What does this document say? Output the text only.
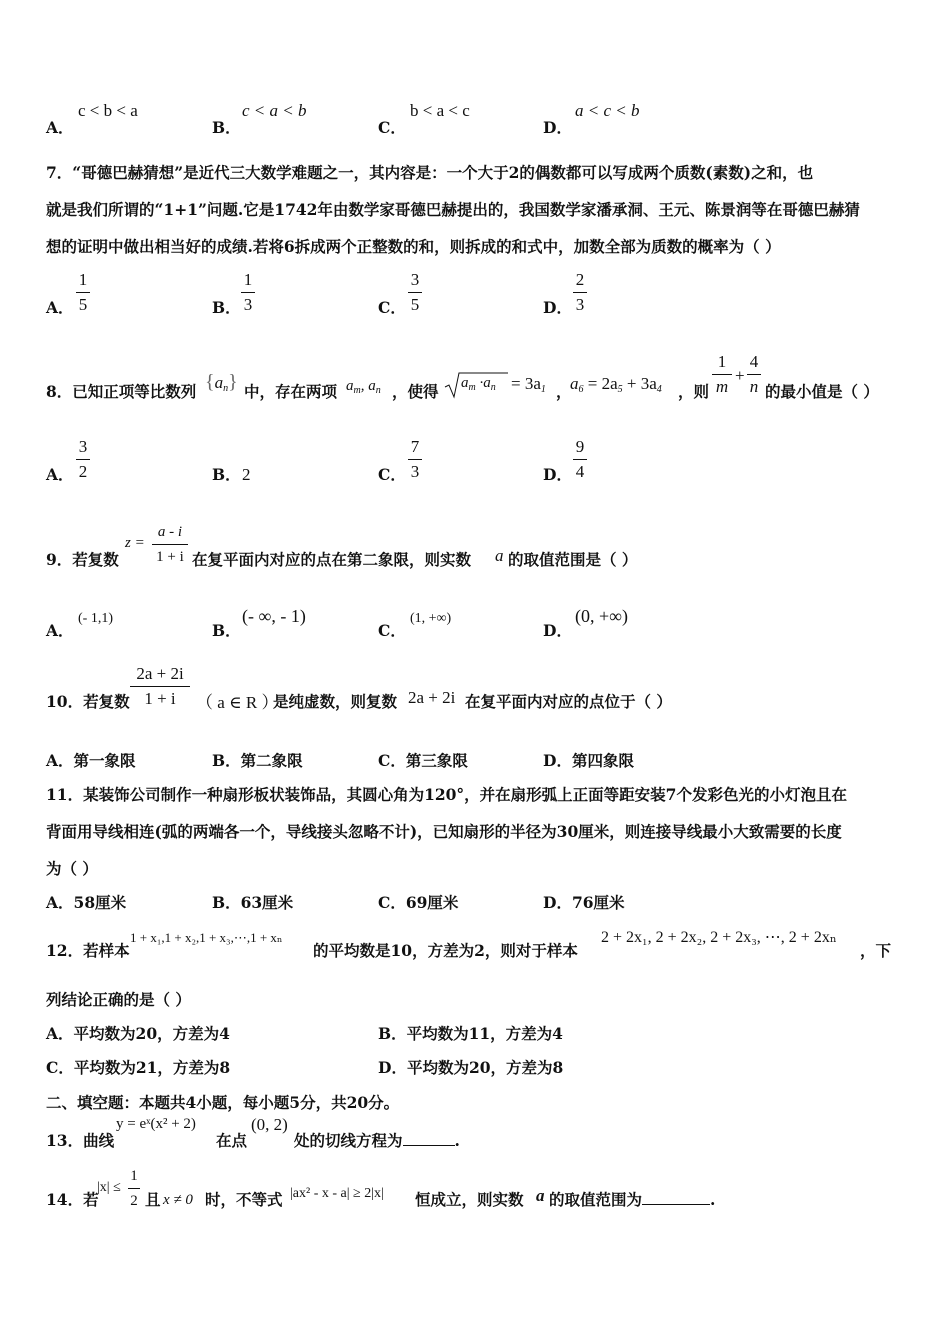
A．
c < b < a
B．
c < a < b
C．
b < a < c
D．
a < c < b
7．“哥德巴赫猜想”是近代三大数学难题之一，其内容是：一个大于2的偶数都可以写成两个质数(素数)之和，也
就是我们所谓的“1+1”问题.它是1742年由数学家哥德巴赫提出的，我国数学家潘承洞、王元、陈景润等在哥德巴赫猜
想的证明中做出相当好的成绩.若将6拆成两个正整数的和，则拆成的和式中，加数全部为质数的概率为（ ）
A．
1
5	B．
1
3	C．
3
5	D．
2
3
8．已知正项等比数列 $\{a_n\}$ 中，存在两项 $a_m$, $a_n$ ，使得 $a_m \cdot a_n = 3a_1$ ，
$a_6 = 2a_5 + 3a_4$ ，则
1
m
+
4
n 的最小值是（ ）
A．
3
2	B． 2	C．
7
3	D．
9
4
9．若复数
z =
a - i
1 + i 在复平面内对应的点在第二象限，则实数 a 的取值范围是（ ）
A．
(- 1,1)
B．
(- ∞, - 1)
C．
(1, +∞)
D．
(0, +∞)
10．若复数
2a + 2i
1 + i	（ a ∈ R ）
是纯虚数，则复数 2a + 2i 在复平面内对应的点位于（ ）
A．第一象限	B．第二象限	C．第三象限	D．第四象限
11．某装饰公司制作一种扇形板状装饰品，其圆心角为120°，并在扇形弧上正面等距安装7个发彩色光的小灯泡且在
背面用导线相连(弧的两端各一个，导线接头忽略不计)，已知扇形的半径为30厘米，则连接导线最小大致需要的长度
为（ ）
A．58厘米	B．63厘米	C．69厘米	D．76厘米
12．若样本
1 + x₁,1 + x₂,1 + x₃,⋯,1 + xₙ
的平均数是10，方差为2，则对于样本
2 + 2x₁, 2 + 2x₂, 2 + 2x₃, ⋯, 2 + 2xₙ
，下
列结论正确的是（ ）
A．平均数为20，方差为4	B．平均数为11，方差为4
C．平均数为21，方差为8	D．平均数为20，方差为8
二、填空题：本题共4小题，每小题5分，共20分。
13．曲线
y = eˣ(x² + 2)
在点
(0, 2)
处的切线方程为	.
14．若
|x| ≤
1
2 且 x ≠ 0 时，不等式 |ax² - x - a| ≥ 2|x| 恒成立，则实数 a 的取值范围为	.
